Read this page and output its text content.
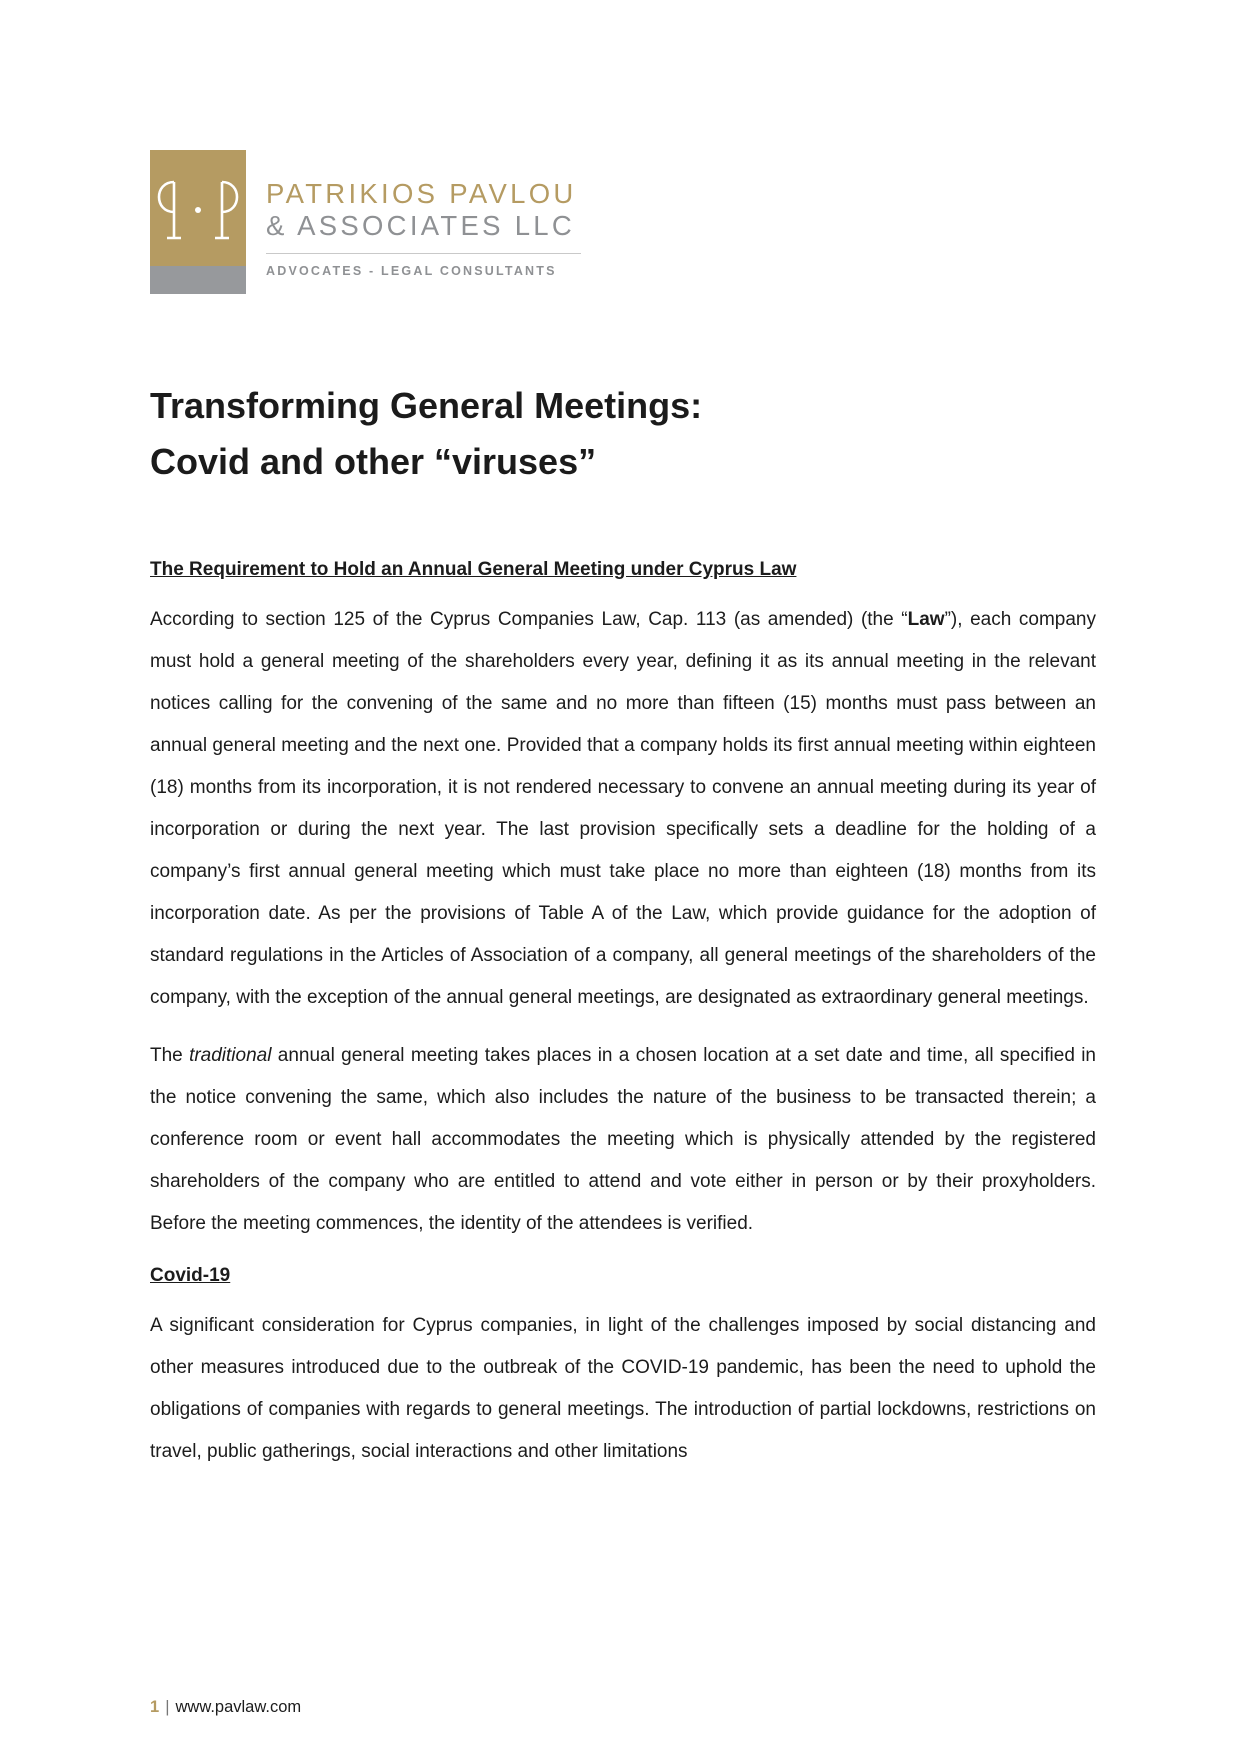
PATRIKIOS PAVLOU
& ASSOCIATES LLC
ADVOCATES - LEGAL CONSULTANTS
Transforming General Meetings:
Covid and other “viruses”
The Requirement to Hold an Annual General Meeting under Cyprus Law

According to section 125 of the Cyprus Companies Law, Cap. 113 (as amended) (the “Law”), each company must hold a general meeting of the shareholders every year, defining it as its annual meeting in the relevant notices calling for the convening of the same and no more than fifteen (15) months must pass between an annual general meeting and the next one. Provided that a company holds its first annual meeting within eighteen (18) months from its incorporation, it is not rendered necessary to convene an annual meeting during its year of incorporation or during the next year. The last provision specifically sets a deadline for the holding of a company’s first annual general meeting which must take place no more than eighteen (18) months from its incorporation date. As per the provisions of Table A of the Law, which provide guidance for the adoption of standard regulations in the Articles of Association of a company, all general meetings of the shareholders of the company, with the exception of the annual general meetings, are designated as extraordinary general meetings.

The traditional annual general meeting takes places in a chosen location at a set date and time, all specified in the notice convening the same, which also includes the nature of the business to be transacted therein; a conference room or event hall accommodates the meeting which is physically attended by the registered shareholders of the company who are entitled to attend and vote either in person or by their proxyholders. Before the meeting commences, the identity of the attendees is verified.

Covid-19

A significant consideration for Cyprus companies, in light of the challenges imposed by social distancing and other measures introduced due to the outbreak of the COVID-19 pandemic, has been the need to uphold the obligations of companies with regards to general meetings. The introduction of partial lockdowns, restrictions on travel, public gatherings, social interactions and other limitations

1 | www.pavlaw.com
